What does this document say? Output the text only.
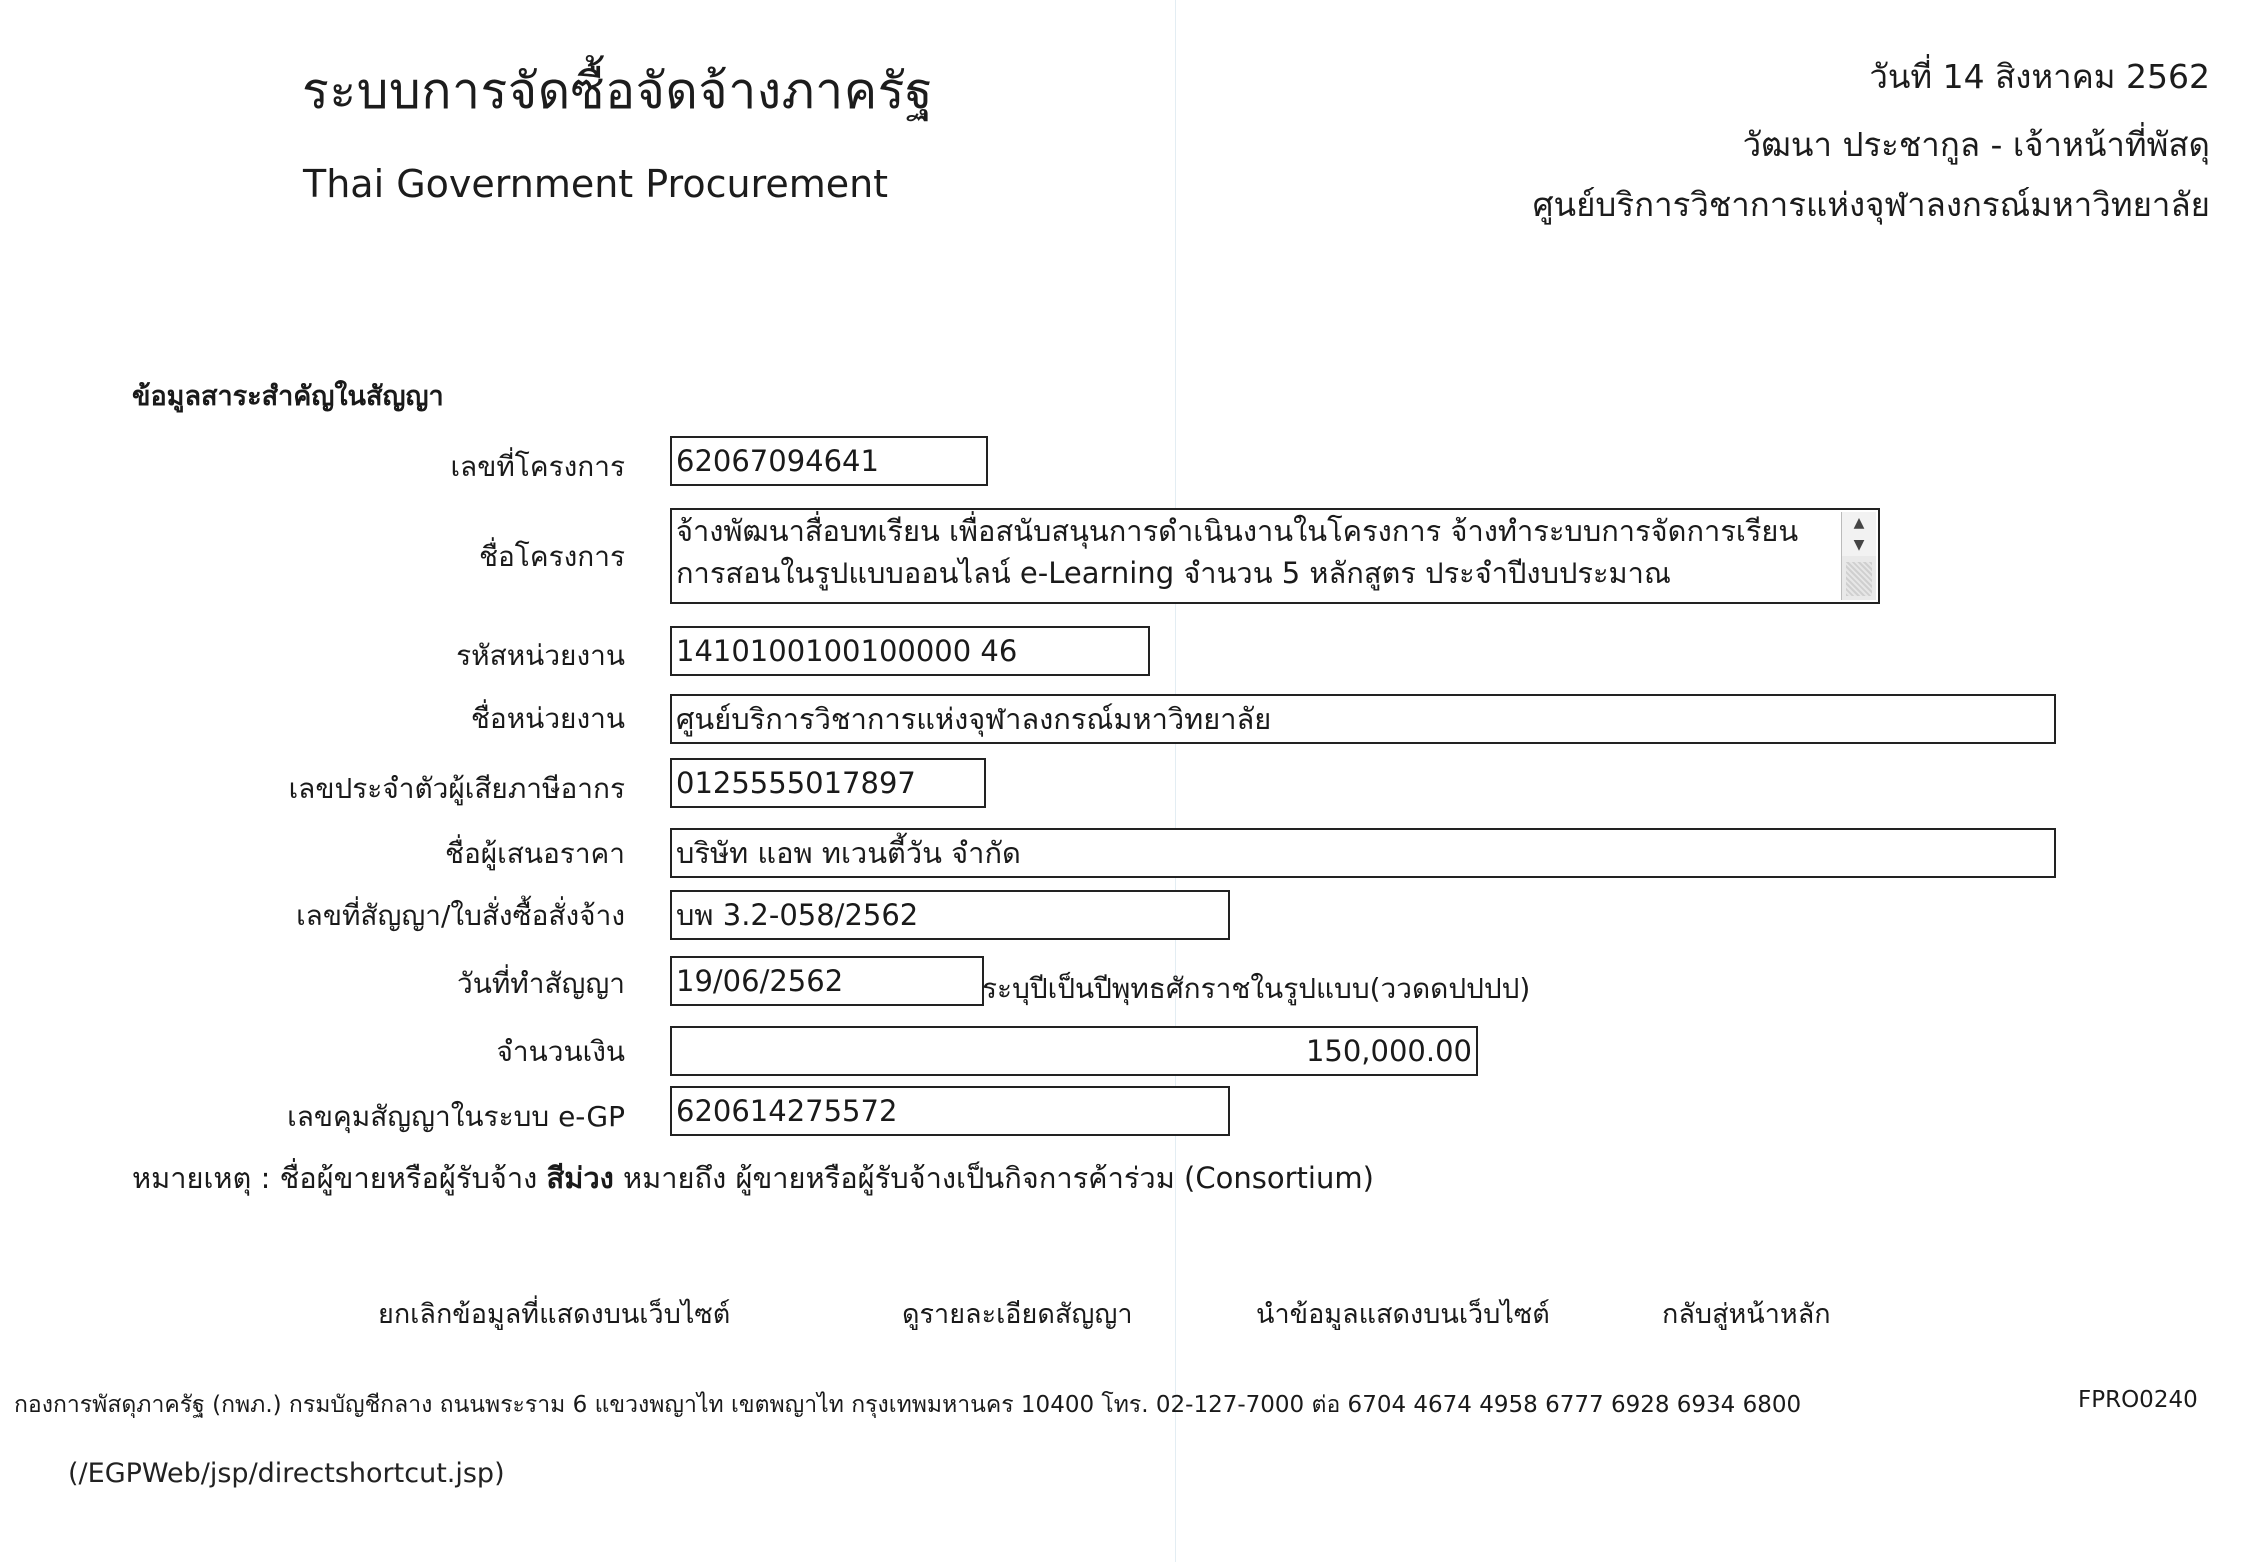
ระบบการจัดซื้อจัดจ้างภาครัฐ
Thai Government Procurement
วันที่ 14 สิงหาคม 2562
วัฒนา ประชากูล - เจ้าหน้าที่พัสดุ
ศูนย์บริการวิชาการแห่งจุฬาลงกรณ์มหาวิทยาลัย
ข้อมูลสาระสำคัญในสัญญา
เลขที่โครงการ 62067094641
ชื่อโครงการ
จ้างพัฒนาสื่อบทเรียน เพื่อสนับสนุนการดำเนินงานในโครงการ จ้างทำระบบการจัดการเรียนการสอนในรูปแบบออนไลน์ e-Learning จำนวน 5 หลักสูตร ประจำปีงบประมาณ
▲
▼
รหัสหน่วยงาน 1410100100100000 46
ชื่อหน่วยงาน ศูนย์บริการวิชาการแห่งจุฬาลงกรณ์มหาวิทยาลัย
เลขประจำตัวผู้เสียภาษีอากร 0125555017897
ชื่อผู้เสนอราคา บริษัท แอพ ทเวนตี้วัน จำกัด
เลขที่สัญญา/ใบสั่งซื้อสั่งจ้าง บพ 3.2-058/2562
วันที่ทำสัญญา 19/06/2562	ระบุปีเป็นปีพุทธศักราชในรูปแบบ(ววดดปปปป)
จำนวนเงิน	150,000.00
เลขคุมสัญญาในระบบ e-GP 620614275572
หมายเหตุ : ชื่อผู้ขายหรือผู้รับจ้าง สีม่วง หมายถึง ผู้ขายหรือผู้รับจ้างเป็นกิจการค้าร่วม (Consortium)
ยกเลิกข้อมูลที่แสดงบนเว็บไซต์	ดูรายละเอียดสัญญา	นำข้อมูลแสดงบนเว็บไซต์	กลับสู่หน้าหลัก
กองการพัสดุภาครัฐ (กพภ.) กรมบัญชีกลาง ถนนพระราม 6 แขวงพญาไท เขตพญาไท กรุงเทพมหานคร 10400 โทร. 02-127-7000 ต่อ 6704 4674 4958 6777 6928 6934 6800	FPRO0240
(/EGPWeb/jsp/directshortcut.jsp)
